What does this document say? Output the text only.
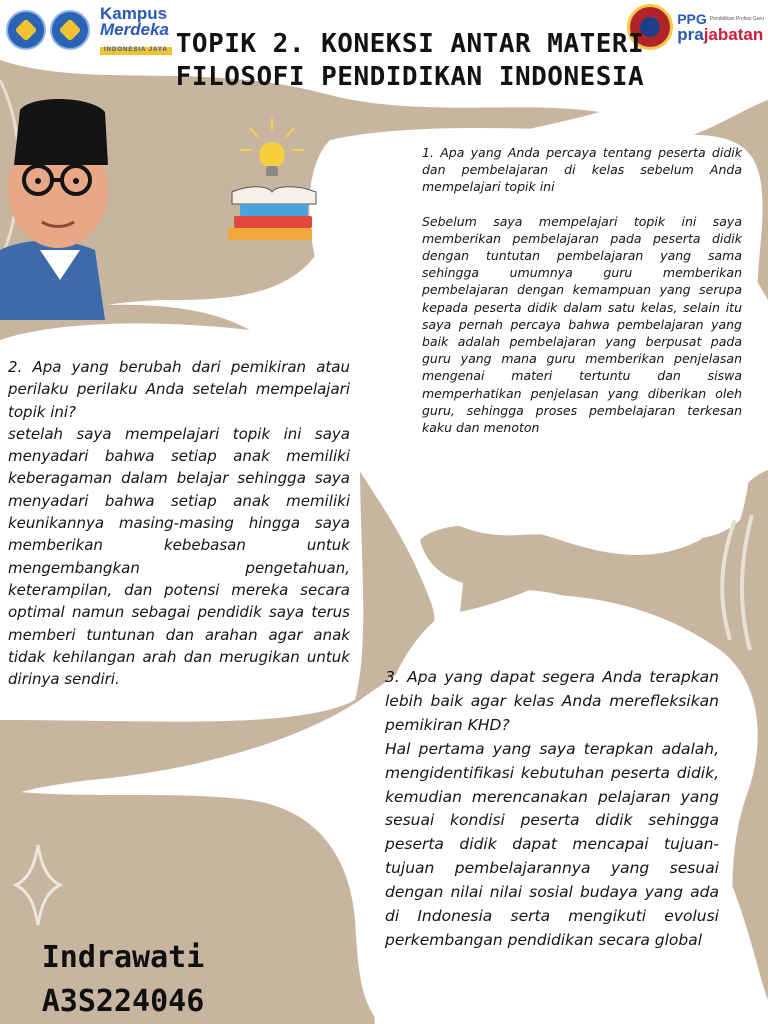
Kampus
Merdeka
INDONESIA JAYA
PPG Pendidikan Profesi Guru
prajabatan
TOPIK 2. KONEKSI ANTAR MATERI
FILOSOFI PENDIDIKAN INDONESIA
1. Apa yang Anda percaya tentang peserta didik dan pembelajaran di kelas sebelum Anda mempelajari topik ini
Sebelum saya mempelajari topik ini saya memberikan pembelajaran pada peserta didik dengan tuntutan pembelajaran yang sama sehingga umumnya guru memberikan pembelajaran dengan kemampuan yang serupa kepada peserta didik dalam satu kelas, selain itu saya pernah percaya bahwa pembelajaran yang baik adalah pembelajaran yang berpusat pada guru yang mana guru memberikan penjelasan mengenai materi tertuntu dan siswa memperhatikan penjelasan yang diberikan oleh guru, sehingga proses pembelajaran terkesan kaku dan menoton
2. Apa yang berubah dari pemikiran atau perilaku perilaku Anda setelah mempelajari topik ini?
setelah saya mempelajari topik ini saya menyadari bahwa setiap anak memiliki keberagaman dalam belajar sehingga saya menyadari bahwa setiap anak memiliki keunikannya masing-masing hingga saya memberikan kebebasan untuk mengembangkan pengetahuan, keterampilan, dan potensi mereka secara optimal namun sebagai pendidik saya terus memberi tuntunan dan arahan agar anak tidak kehilangan arah dan merugikan untuk dirinya sendiri.	3. Apa yang dapat segera Anda terapkan lebih baik agar kelas Anda merefleksikan pemikiran KHD?
Hal pertama yang saya terapkan adalah, mengidentifikasi kebutuhan peserta didik, kemudian merencanakan pelajaran yang sesuai kondisi peserta didik sehingga peserta didik dapat mencapai tujuan-tujuan pembelajarannya yang sesuai dengan nilai nilai sosial budaya yang ada di Indonesia serta mengikuti evolusi perkembangan pendidikan secara global
Indrawati
A3S224046
